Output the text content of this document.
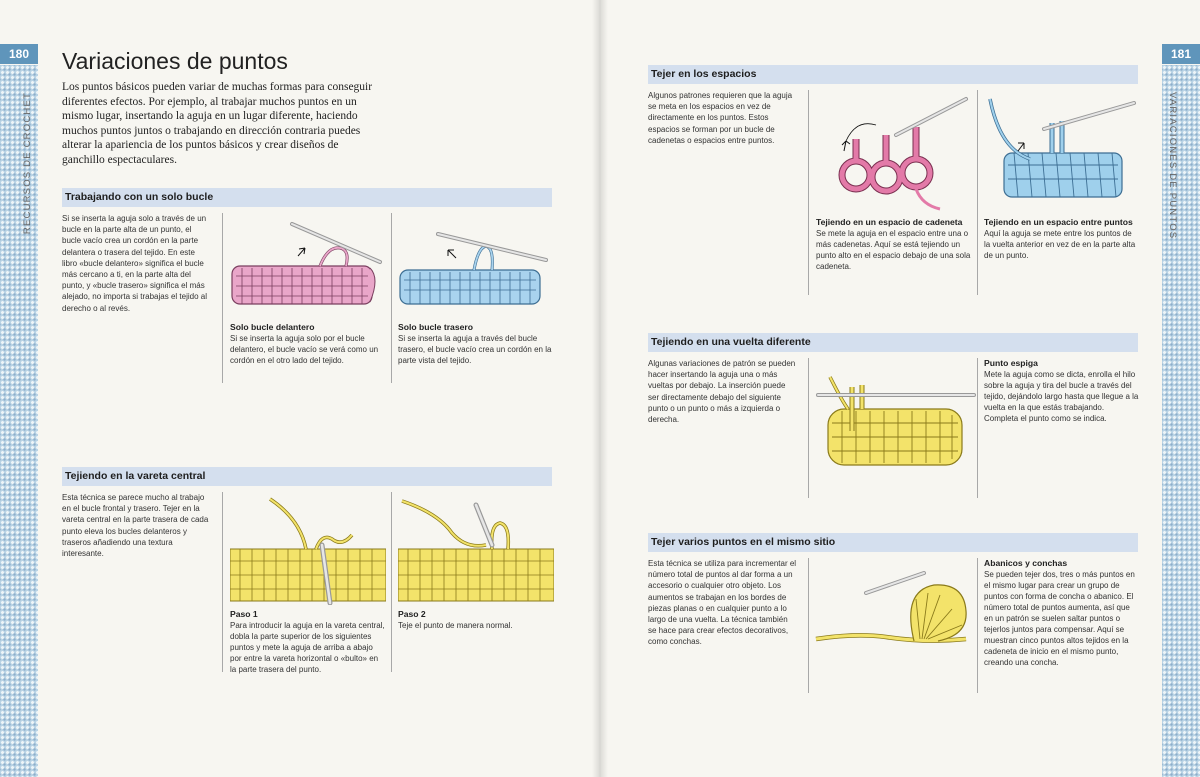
180
RECURSOS DE CROCHET
Variaciones de puntos

Los puntos básicos pueden variar de muchas formas para conseguir diferentes efectos. Por ejemplo, al trabajar muchos puntos en un mismo lugar, insertando la aguja en un lugar diferente, haciendo muchos puntos juntos o trabajando en dirección contraria puedes alterar la apariencia de los puntos básicos y crear diseños de ganchillo espectaculares.

Trabajando con un solo bucle
Si se inserta la aguja solo a través de un bucle en la parte alta de un punto, el bucle vacío crea un cordón en la parte delantera o trasera del tejido. En este libro «bucle delantero» significa el bucle más cercano a ti, en la parte alta del punto, y «bucle trasero» significa el más alejado, no importa si trabajas el tejido al derecho o al revés.
Solo bucle delantero
Si se inserta la aguja solo por el bucle delantero, el bucle vacío se verá como un cordón en el otro lado del tejido.
Solo bucle trasero
Si se inserta la aguja a través del bucle trasero, el bucle vacío crea un cordón en la parte vista del tejido.
Tejiendo en la vareta central
Esta técnica se parece mucho al trabajo en el bucle frontal y trasero. Tejer en la vareta central en la parte trasera de cada punto eleva los bucles delanteros y traseros añadiendo una textura interesante.
Paso 1
Para introducir la aguja en la vareta central, dobla la parte superior de los siguientes puntos y mete la aguja de arriba a abajo por entre la vareta horizontal o «bulto» en la parte trasera del punto.
Paso 2
Teje el punto de manera normal.
181
VARIACIONES DE PUNTOS
Tejer en los espacios
Algunos patrones requieren que la aguja se meta en los espacios en vez de directamente en los puntos. Estos espacios se forman por un bucle de cadenetas o espacios entre puntos.
Tejiendo en un espacio de cadeneta
Se mete la aguja en el espacio entre una o más cadenetas. Aquí se está tejiendo un punto alto en el espacio debajo de una sola cadeneta.
Tejiendo en un espacio entre puntos
Aquí la aguja se mete entre los puntos de la vuelta anterior en vez de en la parte alta de un punto.
Tejiendo en una vuelta diferente
Algunas variaciones de patrón se pueden hacer insertando la aguja una o más vueltas por debajo. La inserción puede ser directamente debajo del siguiente punto o un punto o más a izquierda o derecha.
Punto espiga
Mete la aguja como se dicta, enrolla el hilo sobre la aguja y tira del bucle a través del tejido, dejándolo largo hasta que llegue a la vuelta en la que estás trabajando. Completa el punto como se indica.
Tejer varios puntos en el mismo sitio
Esta técnica se utiliza para incrementar el número total de puntos al dar forma a un accesorio o cualquier otro objeto. Los aumentos se trabajan en los bordes de piezas planas o en cualquier punto a lo largo de una vuelta. La técnica también se hace para crear efectos decorativos, como conchas.
Abanicos y conchas
Se pueden tejer dos, tres o más puntos en el mismo lugar para crear un grupo de puntos con forma de concha o abanico. El número total de puntos aumenta, así que en un patrón se suelen saltar puntos o tejerlos juntos para compensar. Aquí se muestran cinco puntos altos tejidos en la cadeneta de inicio en el mismo punto, creando una concha.
